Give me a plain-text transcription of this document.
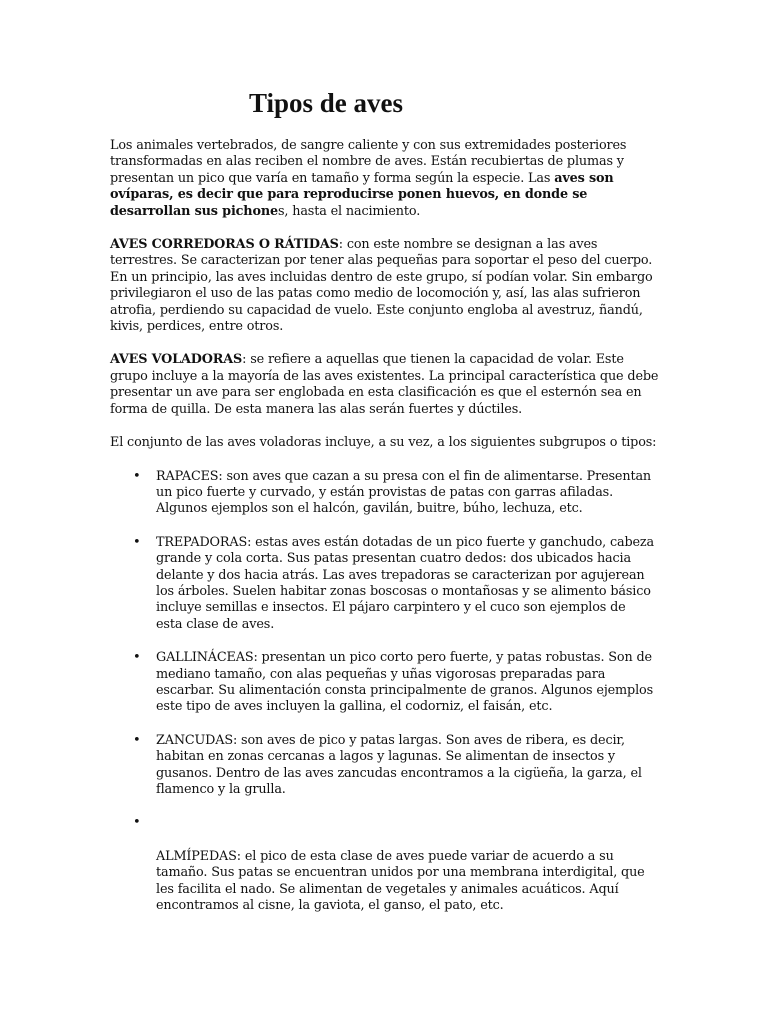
Tipos de aves

Los animales vertebrados, de sangre caliente y con sus extremidades posteriores transformadas en alas reciben el nombre de aves. Están recubiertas de plumas y presentan un pico que varía en tamaño y forma según la especie. Las aves son ovíparas, es decir que para reproducirse ponen huevos, en donde se desarrollan sus pichones, hasta el nacimiento.

AVES CORREDORAS O RÁTIDAS: con este nombre se designan a las aves terrestres. Se caracterizan por tener alas pequeñas para soportar el peso del cuerpo. En un principio, las aves incluidas dentro de este grupo, sí podían volar. Sin embargo privilegiaron el uso de las patas como medio de locomoción y, así, las alas sufrieron atrofia, perdiendo su capacidad de vuelo. Este conjunto engloba al avestruz, ñandú, kivis, perdices, entre otros.

AVES VOLADORAS: se refiere a aquellas que tienen la capacidad de volar. Este grupo incluye a la mayoría de las aves existentes. La principal característica que debe presentar un ave para ser englobada en esta clasificación es que el esternón sea en forma de quilla. De esta manera las alas serán fuertes y dúctiles.

El conjunto de las aves voladoras incluye, a su vez, a los siguientes subgrupos o tipos:

• RAPACES: son aves que cazan a su presa con el fin de alimentarse. Presentan un pico fuerte y curvado, y están provistas de patas con garras afiladas. Algunos ejemplos son el halcón, gavilán, buitre, búho, lechuza, etc.
• TREPADORAS: estas aves están dotadas de un pico fuerte y ganchudo, cabeza grande y cola corta. Sus patas presentan cuatro dedos: dos ubicados hacia delante y dos hacia atrás. Las aves trepadoras se caracterizan por agujerean los árboles. Suelen habitar zonas boscosas o montañosas y se alimento básico incluye semillas e insectos. El pájaro carpintero y el cuco son ejemplos de esta clase de aves.
• GALLINÁCEAS: presentan un pico corto pero fuerte, y patas robustas. Son de mediano tamaño, con alas pequeñas y uñas vigorosas preparadas para escarbar. Su alimentación consta principalmente de granos. Algunos ejemplos este tipo de aves incluyen la gallina, el codorniz, el faisán, etc.
• ZANCUDAS: son aves de pico y patas largas. Son aves de ribera, es decir, habitan en zonas cercanas a lagos y lagunas. Se alimentan de insectos y gusanos. Dentro de las aves zancudas encontramos a la cigüeña, la garza, el flamenco y la grulla.
•

ALMÍPEDAS: el pico de esta clase de aves puede variar de acuerdo a su tamaño. Sus patas se encuentran unidos por una membrana interdigital, que les facilita el nado. Se alimentan de vegetales y animales acuáticos. Aquí encontramos al cisne, la gaviota, el ganso, el pato, etc.
